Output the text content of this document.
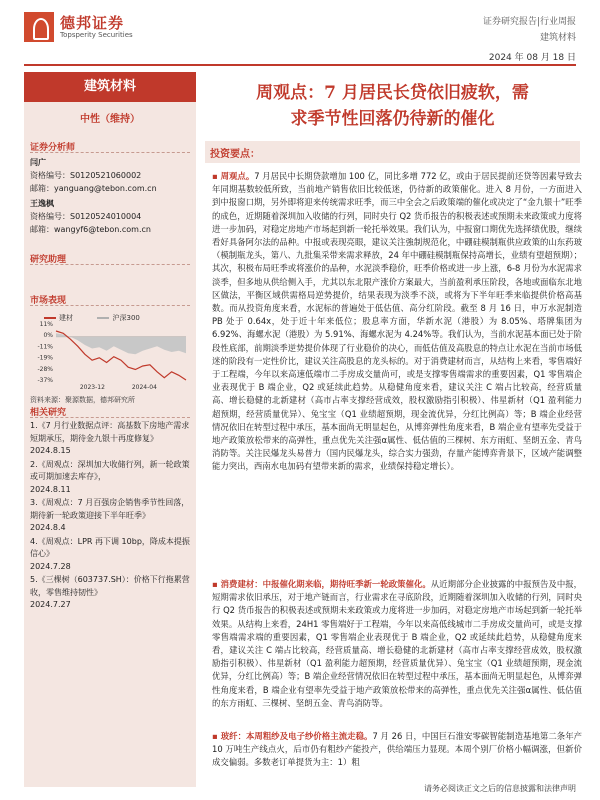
德邦证券
Topsperity Securities
证券研究报告|行业周报
建筑材料
2024 年 08 月 18 日
建筑材料
中性（维持）
证券分析师
闫广
资格编号：S0120521060002
邮箱：yanguang@tebon.com.cn
王逸枫
资格编号：S0120524010004
邮箱：wangyf6@tebon.com.cn
研究助理
市场表现
建材	沪深300
11%
0%
-11%
-19%
-28%
-37%
2023-12	2024-04
资料来源：聚源数据，德邦研究所
相关研究
1.《7 月行业数据点评：高基数下房地产需求短期承压，期待金九银十再度修复》
2024.8.15
2.《周观点：深圳加大收储行列，新一轮政策或可期加速去库存》，
2024.8.11
3.《周观点：7 月百强房企销售季节性回落，期待新一轮政策迎接下半年旺季》
2024.8.4
4.《周观点：LPR 再下调 10bp，降成本提振信心》
2024.7.28
5.《三棵树（603737.SH）：价格下行拖累营收，零售维持韧性》
2024.7.27
周观点：7 月居民长贷依旧疲软，需
求季节性回落仍待新的催化
投资要点：
▪ 周观点。7 月居民中长期贷款增加 100 亿，同比多增 772 亿，或由于居民提前还贷等因素导致去年同期基数较低所致，当前地产销售依旧比较低迷，仍待新的政策催化。进入 8 月份，一方面进入到中报窗口期，另外即将迎来传统需求旺季，而三中全会之后政策端的催化或决定了“金九银十”旺季的成色，近期随着深圳加入收储的行列，同时央行 Q2 货币报告的积极表述或预期未来政策或力度将进一步加码，对稳定房地产市场起到新一轮托举效果。我们认为，中报窗口期优先选择绩优股，继续看好具备阿尔法的品种。中报或表现亮眼，建议关注強制规范化，中硼硅模制瓶供应政策的山东药玻（模制瓶龙头，第八、九批集采带来需求释放，24 年中硼硅模制瓶保持高增长，业绩有望超预期）；其次，积极布局旺季或将涨价的品种，水泥淡季稳价，旺季价格或进一步上涨，6-8 月份为水泥需求淡季，但多地从供给侧入手，尤其以东北限产涨价方案最大，当前盈利承压阶段，各地或面临东北地区做法，平衡区域供需格局逆势提价，结果表现为淡季不淡，或将为下半年旺季来临提供价格高基数。而从投资角度来看，水泥标的普遍处于低估值、高分红阶段。截至 8 月 16 日，申万水泥制造 PB 处于 0.64x，处于近十年来低位；股息率方面，华新水泥（港股）为 8.05%、塔牌集团为 6.92%、海螺水泥（港股）为 5.91%、海螺水泥为 4.24%等。我们认为，当前水泥基本面已处于阶段性底部，前期淡季逆势提价体现了行业稳价的决心，而低估值及高股息的特点让水泥在当前市场低迷的阶段有一定性价比，建议关注高股息的龙头标的。对于消费建材而言，从结构上来看，零售端好于工程端，今年以来高速低端市二手房成交量尚可，或是支撑零售端需求的重要因素，Q1 零售端企业表现优于 B 端企业，Q2 或延续此趋势。从稳健角度来看，建议关注 C 端占比较高，经营质量高、增长稳健的北新建材（高市占率支撑经营成效，股权激励指引积极）、伟星新材（Q1 盈利能力超预期，经营质量优异）、兔宝宝（Q1 业绩超预期，现金流优异，分红比例高）等；B 端企业经营情况依旧在转型过程中承压，基本面尚无明显起色，从博弈弹性角度来看，B 端企业有望率先受益于地产政策放松带来的高弹性，重点优先关注强α属性、低估值的三棵树、东方雨虹、坚朗五金、青鸟消防等。关注民爆龙头易普力（国内民爆龙头，综合实力强劲，存量产能博弈背景下，区域产能调整能力突出，西南水电加码有望带来新的需求，业绩保持稳定增长）。
▪ 消费建材：中报催化期来临，期待旺季新一轮政策催化。从近期部分企业披露的中报预告及中报，短期需求依旧承压，对于地产链而言，行业需求在寻底阶段，近期随着深圳加入收储的行列，同时央行 Q2 货币报告的积极表述或预期未来政策或力度将进一步加码，对稳定房地产市场起到新一轮托举效果。从结构上来看，24H1 零售端好于工程端，今年以来高低线城市二手房成交量尚可，或是支撑零售端需求端的重要因素，Q1 零售端企业表现优于 B 端企业，Q2 或延续此趋势，从稳健角度来看，建议关注 C 端占比较高，经营质量高、增长稳健的北新建材（高市占率支撑经营成效，股权激励指引积极）、伟星新材（Q1 盈利能力超预期，经营质量优异）、兔宝宝（Q1 业绩超预期，现金流优异，分红比例高）等；B 端企业经营情况依旧在转型过程中承压，基本面尚无明显起色，从博弈弹性角度来看，B 端企业有望率先受益于地产政策放松带来的高弹性，重点优先关注强α属性、低估值的东方雨虹、三棵树、坚朗五金、青鸟消防等。
▪ 玻纤：本周粗纱及电子纱价格主流走稳。7 月 26 日，中国巨石淮安零碳智能制造基地第二条年产 10 万吨生产线点火，后市仍有粗纱产能投产，供给端压力显现。本周个别厂价格小幅调涨，但新价成交偏弱。多数老订单提货为主：1）粗
请务必阅读正文之后的信息披露和法律声明
